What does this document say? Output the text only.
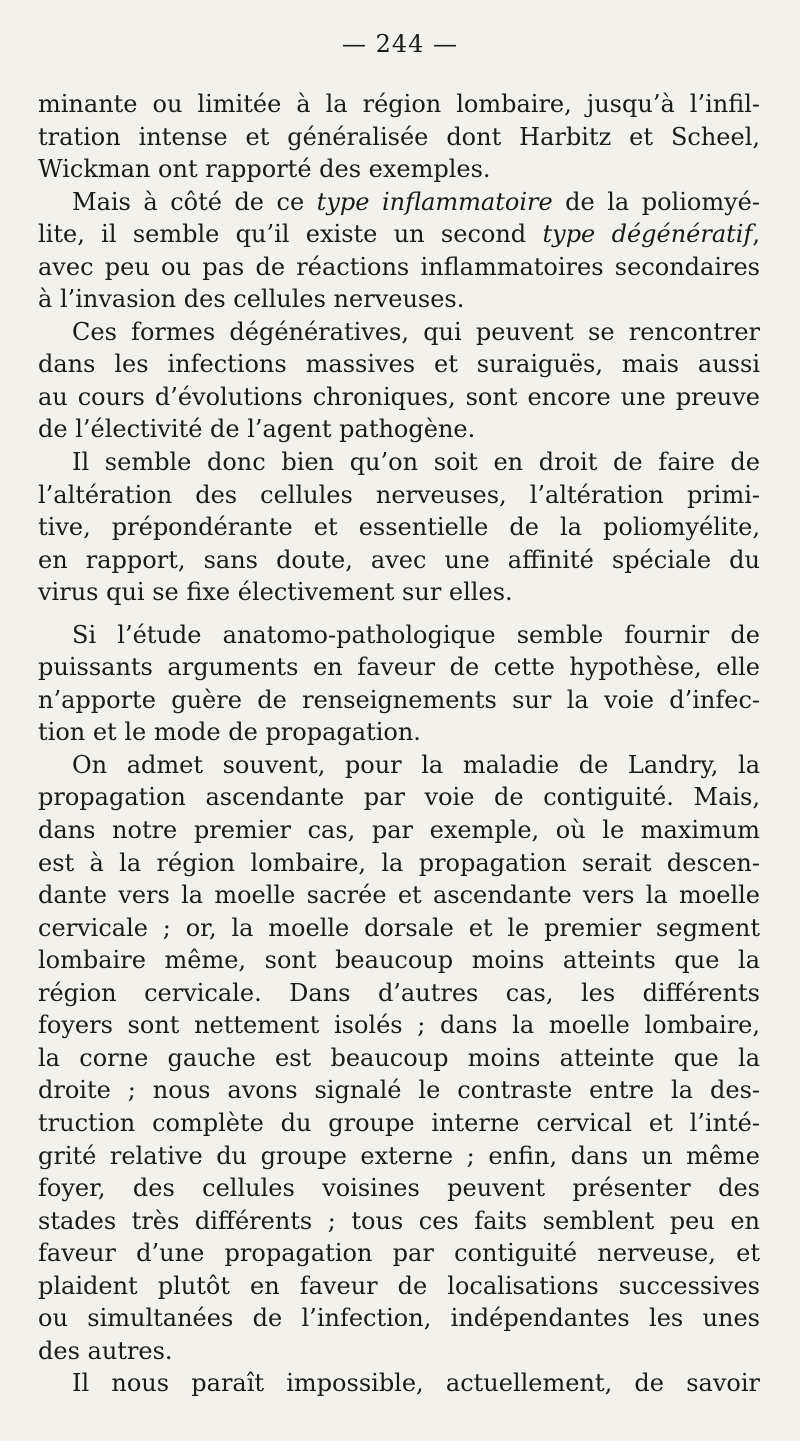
— 244 —
minante ou limitée à la région lombaire, jusqu’à l’infil-
tration intense et généralisée dont Harbitz et Scheel,
Wickman ont rapporté des exemples.
Mais à côté de ce type inflammatoire de la poliomyé-
lite, il semble qu’il existe un second type dégénératif,
avec peu ou pas de réactions inflammatoires secondaires
à l’invasion des cellules nerveuses.
Ces formes dégénératives, qui peuvent se rencontrer
dans les infections massives et suraiguës, mais aussi
au cours d’évolutions chroniques, sont encore une preuve
de l’électivité de l’agent pathogène.
Il semble donc bien qu’on soit en droit de faire de
l’altération des cellules nerveuses, l’altération primi-
tive, prépondérante et essentielle de la poliomyélite,
en rapport, sans doute, avec une affinité spéciale du
virus qui se fixe électivement sur elles.
Si l’étude anatomo-pathologique semble fournir de
puissants arguments en faveur de cette hypothèse, elle
n’apporte guère de renseignements sur la voie d’infec-
tion et le mode de propagation.
On admet souvent, pour la maladie de Landry, la
propagation ascendante par voie de contiguité. Mais,
dans notre premier cas, par exemple, où le maximum
est à la région lombaire, la propagation serait descen-
dante vers la moelle sacrée et ascendante vers la moelle
cervicale ; or, la moelle dorsale et le premier segment
lombaire même, sont beaucoup moins atteints que la
région cervicale. Dans d’autres cas, les différents
foyers sont nettement isolés ; dans la moelle lombaire,
la corne gauche est beaucoup moins atteinte que la
droite ; nous avons signalé le contraste entre la des-
truction complète du groupe interne cervical et l’inté-
grité relative du groupe externe ; enfin, dans un même
foyer, des cellules voisines peuvent présenter des
stades très différents ; tous ces faits semblent peu en
faveur d’une propagation par contiguité nerveuse, et
plaident plutôt en faveur de localisations successives
ou simultanées de l’infection, indépendantes les unes
des autres.
Il nous paraît impossible, actuellement, de savoir
